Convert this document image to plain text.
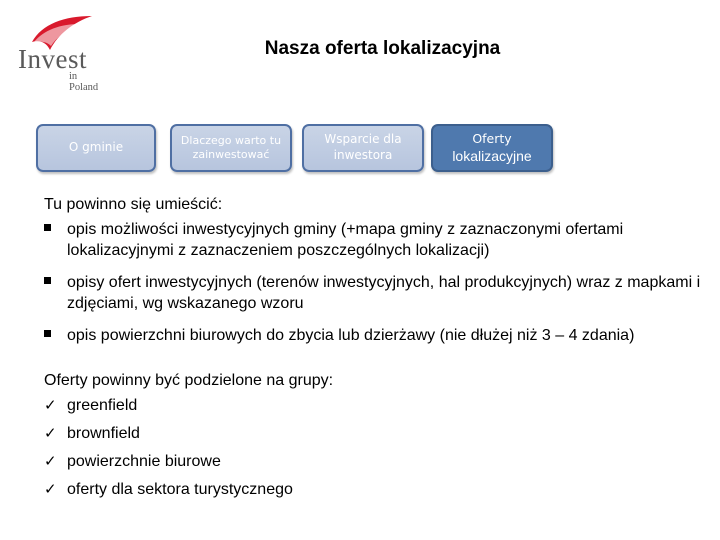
Invest
in Poland
Nasza oferta lokalizacyjna
O gminie	Dlaczego warto tu zainwestować
Wsparcie dla inwestora
Oferty
lokalizacyjne
Tu powinno się umieścić:
opis możliwości inwestycyjnych gminy (+mapa gminy z zaznaczonymi ofertami lokalizacyjnymi z zaznaczeniem poszczególnych lokalizacji)
opisy ofert inwestycyjnych (terenów inwestycyjnych, hal produkcyjnych) wraz z mapkami i zdjęciami, wg wskazanego wzoru
opis powierzchni biurowych do zbycia lub dzierżawy (nie dłużej niż 3 – 4 zdania)
Oferty powinny być podzielone na grupy:
✓ greenfield
✓ brownfield
✓ powierzchnie biurowe
✓ oferty dla sektora turystycznego
